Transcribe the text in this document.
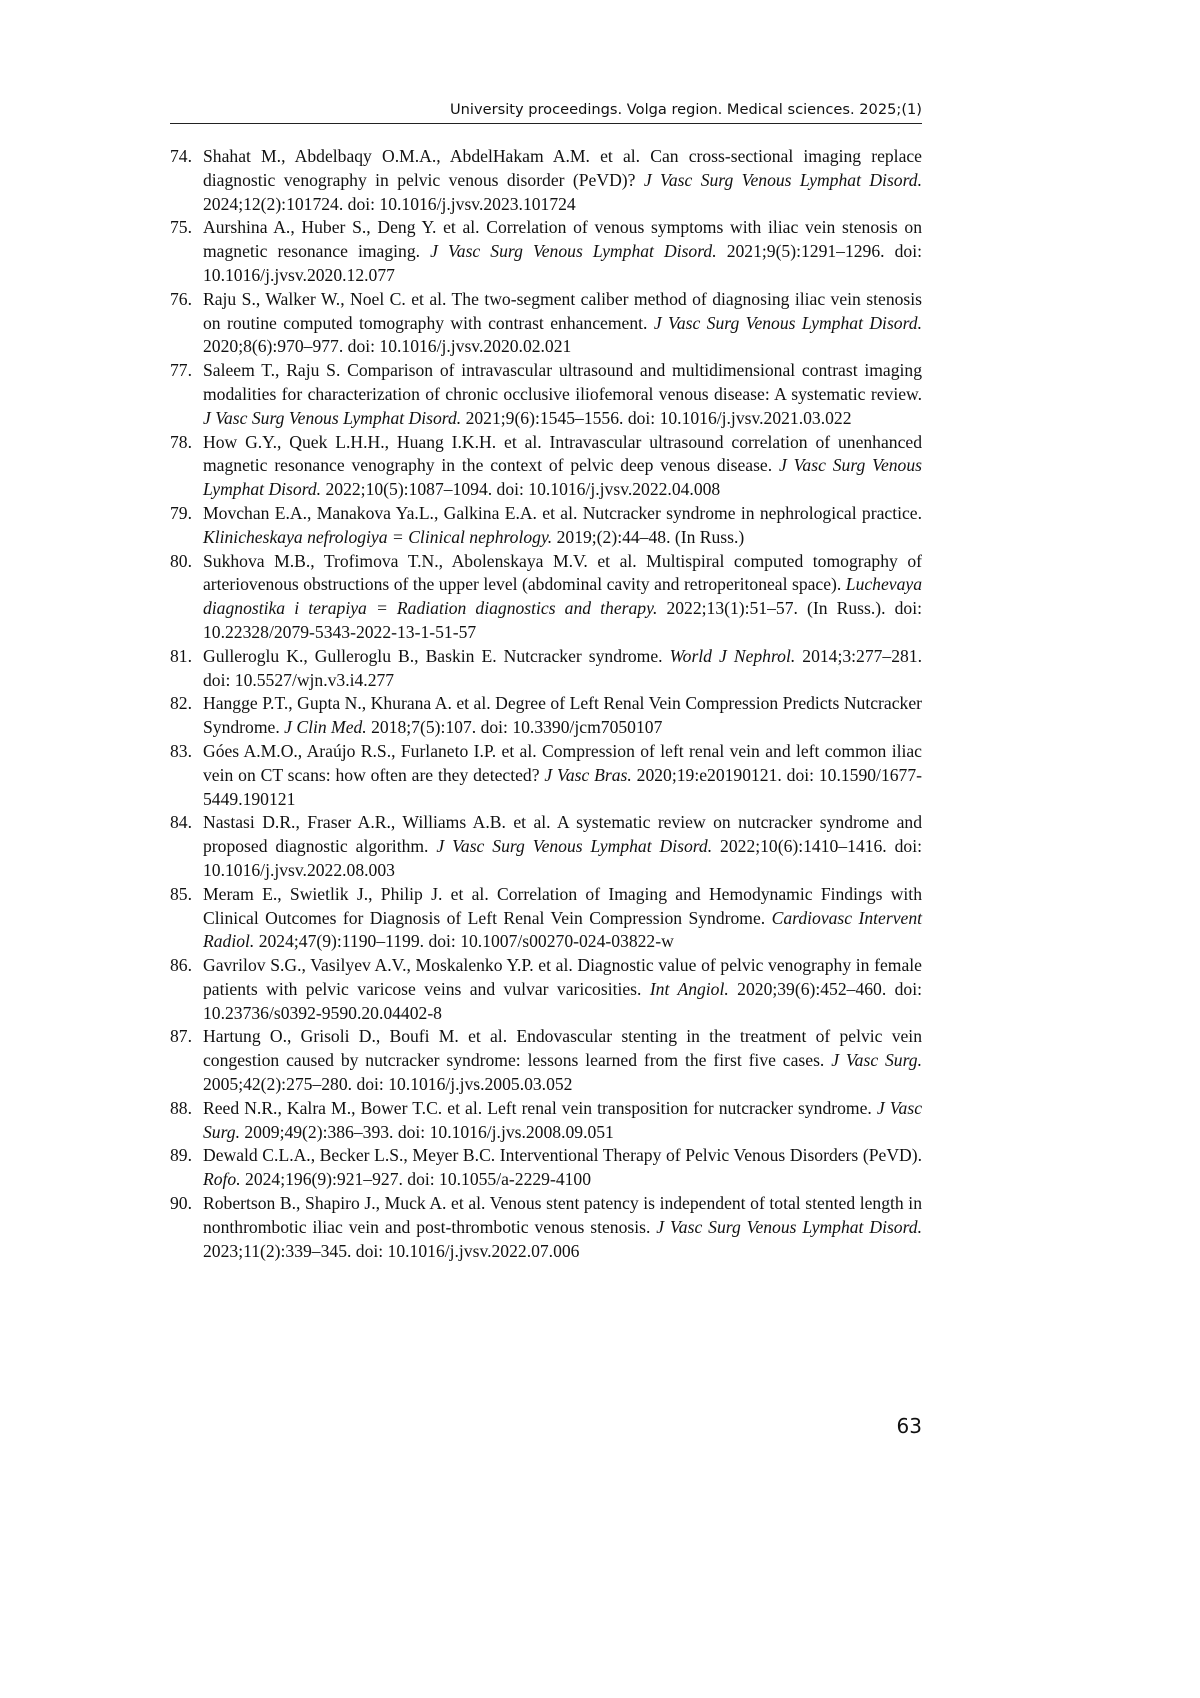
University proceedings. Volga region. Medical sciences. 2025;(1)
74. Shahat M., Abdelbaqy O.M.A., AbdelHakam A.M. et al. Can cross-sectional imaging replace diagnostic venography in pelvic venous disorder (PeVD)? J Vasc Surg Venous Lymphat Disord. 2024;12(2):101724. doi: 10.1016/j.jvsv.2023.101724
75. Aurshina A., Huber S., Deng Y. et al. Correlation of venous symptoms with iliac vein stenosis on magnetic resonance imaging. J Vasc Surg Venous Lymphat Disord. 2021;9(5):1291–1296. doi: 10.1016/j.jvsv.2020.12.077
76. Raju S., Walker W., Noel C. et al. The two-segment caliber method of diagnosing iliac vein stenosis on routine computed tomography with contrast enhancement. J Vasc Surg Venous Lymphat Disord. 2020;8(6):970–977. doi: 10.1016/j.jvsv.2020.02.021
77. Saleem T., Raju S. Comparison of intravascular ultrasound and multidimensional contrast imaging modalities for characterization of chronic occlusive iliofemoral venous disease: A systematic review. J Vasc Surg Venous Lymphat Disord. 2021;9(6):1545–1556. doi: 10.1016/j.jvsv.2021.03.022
78. How G.Y., Quek L.H.H., Huang I.K.H. et al. Intravascular ultrasound correlation of unenhanced magnetic resonance venography in the context of pelvic deep venous disease. J Vasc Surg Venous Lymphat Disord. 2022;10(5):1087–1094. doi: 10.1016/j.jvsv.2022.04.008
79. Movchan E.A., Manakova Ya.L., Galkina E.A. et al. Nutcracker syndrome in nephrological practice. Klinicheskaya nefrologiya = Clinical nephrology. 2019;(2):44–48. (In Russ.)
80. Sukhova M.B., Trofimova T.N., Abolenskaya M.V. et al. Multispiral computed tomography of arteriovenous obstructions of the upper level (abdominal cavity and retroperitoneal space). Luchevaya diagnostika i terapiya = Radiation diagnostics and therapy. 2022;13(1):51–57. (In Russ.). doi: 10.22328/2079-5343-2022-13-1-51-57
81. Gulleroglu K., Gulleroglu B., Baskin E. Nutcracker syndrome. World J Nephrol. 2014;3:277–281. doi: 10.5527/wjn.v3.i4.277
82. Hangge P.T., Gupta N., Khurana A. et al. Degree of Left Renal Vein Compression Predicts Nutcracker Syndrome. J Clin Med. 2018;7(5):107. doi: 10.3390/jcm7050107
83. Góes A.M.O., Araújo R.S., Furlaneto I.P. et al. Compression of left renal vein and left common iliac vein on CT scans: how often are they detected? J Vasc Bras. 2020;19:e20190121. doi: 10.1590/1677-5449.190121
84. Nastasi D.R., Fraser A.R., Williams A.B. et al. A systematic review on nutcracker syndrome and proposed diagnostic algorithm. J Vasc Surg Venous Lymphat Disord. 2022;10(6):1410–1416. doi: 10.1016/j.jvsv.2022.08.003
85. Meram E., Swietlik J., Philip J. et al. Correlation of Imaging and Hemodynamic Findings with Clinical Outcomes for Diagnosis of Left Renal Vein Compression Syndrome. Cardiovasc Intervent Radiol. 2024;47(9):1190–1199. doi: 10.1007/s00270-024-03822-w
86. Gavrilov S.G., Vasilyev A.V., Moskalenko Y.P. et al. Diagnostic value of pelvic venography in female patients with pelvic varicose veins and vulvar varicosities. Int Angiol. 2020;39(6):452–460. doi: 10.23736/s0392-9590.20.04402-8
87. Hartung O., Grisoli D., Boufi M. et al. Endovascular stenting in the treatment of pelvic vein congestion caused by nutcracker syndrome: lessons learned from the first five cases. J Vasc Surg. 2005;42(2):275–280. doi: 10.1016/j.jvs.2005.03.052
88. Reed N.R., Kalra M., Bower T.C. et al. Left renal vein transposition for nutcracker syndrome. J Vasc Surg. 2009;49(2):386–393. doi: 10.1016/j.jvs.2008.09.051
89. Dewald C.L.A., Becker L.S., Meyer B.C. Interventional Therapy of Pelvic Venous Disorders (PeVD). Rofo. 2024;196(9):921–927. doi: 10.1055/a-2229-4100
90. Robertson B., Shapiro J., Muck A. et al. Venous stent patency is independent of total stented length in nonthrombotic iliac vein and post-thrombotic venous stenosis. J Vasc Surg Venous Lymphat Disord. 2023;11(2):339–345. doi: 10.1016/j.jvsv.2022.07.006
63
